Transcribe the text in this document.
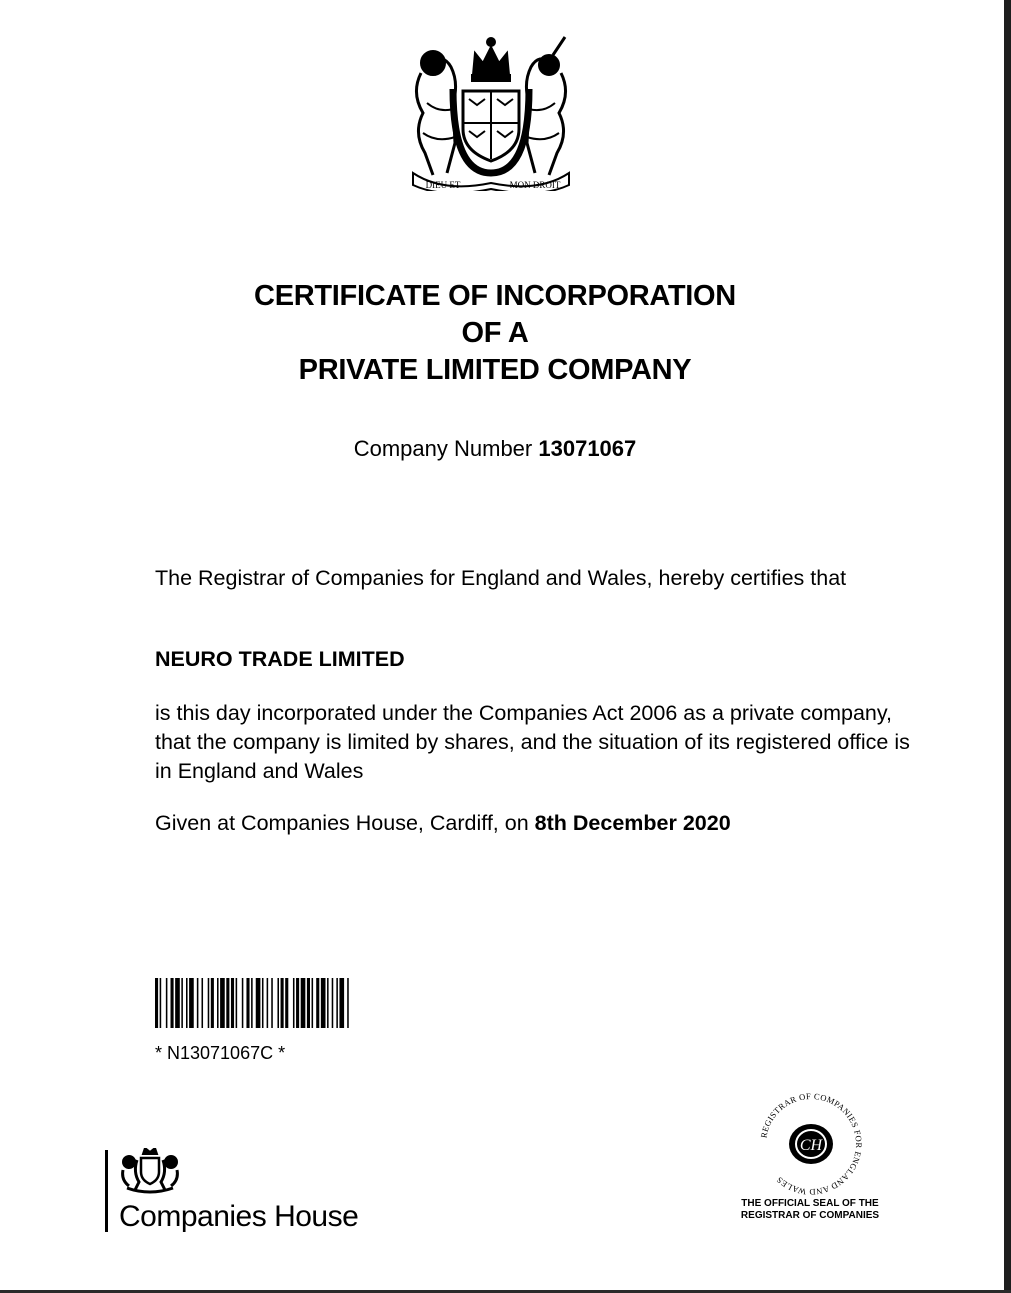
DIEU ET	MON DROIT
CERTIFICATE OF INCORPORATION
OF A
PRIVATE LIMITED COMPANY
Company Number 13071067
The Registrar of Companies for England and Wales, hereby certifies that
NEURO TRADE LIMITED
is this day incorporated under the Companies Act 2006 as a private company, that the company is limited by shares, and the situation of its registered office is in England and Wales
Given at Companies House, Cardiff, on 8th December 2020
* N13071067C *
Companies House
REGISTRAR OF COMPANIES FOR ENGLAND AND WALES
CH
THE OFFICIAL SEAL OF THE
REGISTRAR OF COMPANIES
